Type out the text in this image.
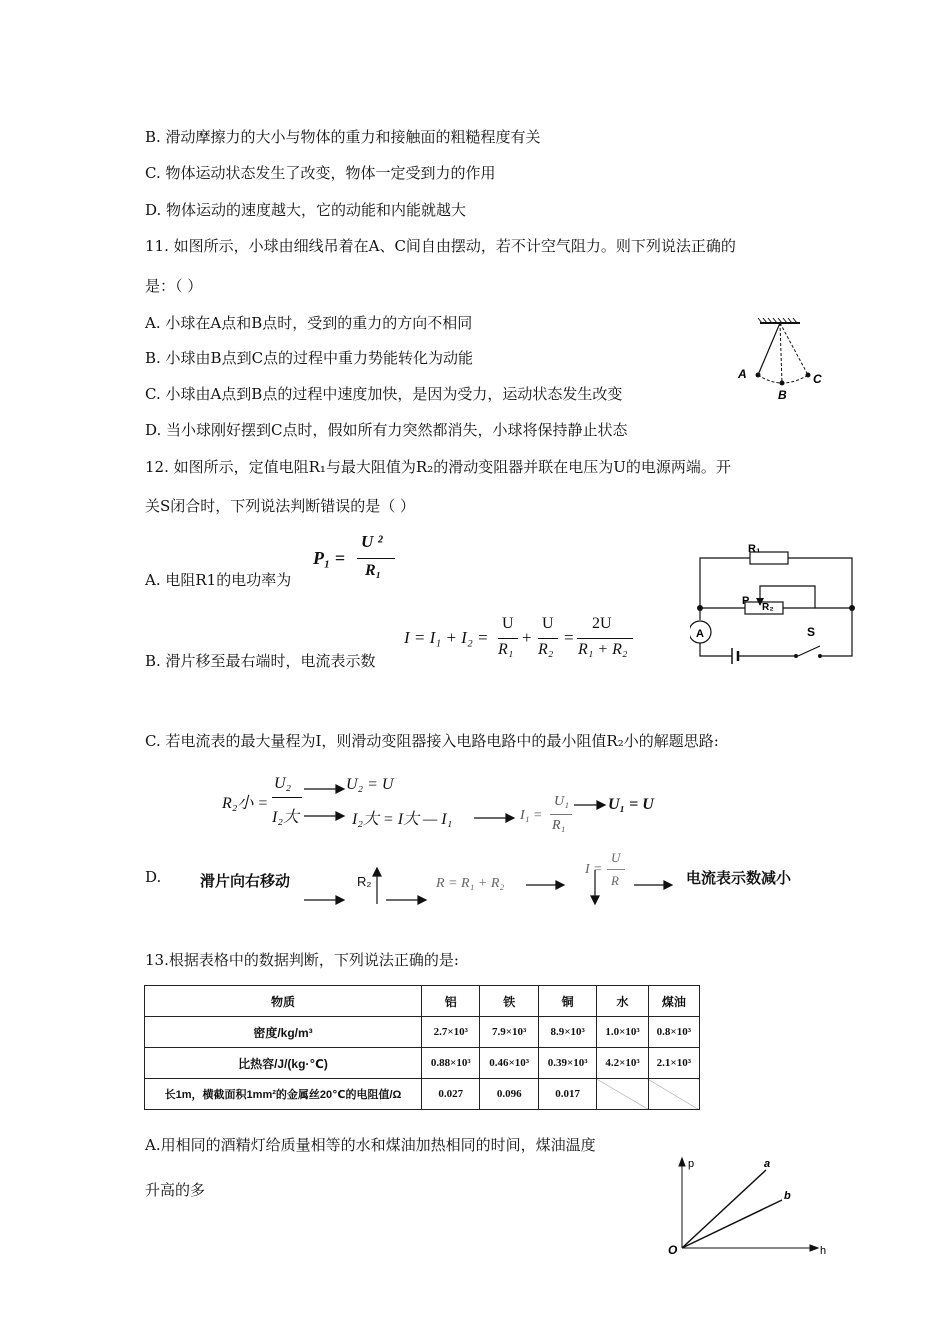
B. 滑动摩擦力的大小与物体的重力和接触面的粗糙程度有关
C. 物体运动状态发生了改变，物体一定受到力的作用
D. 物体运动的速度越大，它的动能和内能就越大
11. 如图所示，小球由细线吊着在A、C间自由摆动，若不计空气阻力。则下列说法正确的
是：（ ）
A. 小球在A点和B点时，受到的重力的方向不相同
B. 小球由B点到C点的过程中重力势能转化为动能
C. 小球由A点到B点的过程中速度加快，是因为受力，运动状态发生改变
D. 当小球刚好摆到C点时，假如所有力突然都消失，小球将保持静止状态
A
B
C
12. 如图所示，定值电阻R₁与最大阻值为R₂的滑动变阻器并联在电压为U的电源两端。开
关S闭合时，下列说法判断错误的是（ ）
A. 电阻R1的电功率为
P₁ =
U ²
R₁
B. 滑片移至最右端时，电流表示数
I = I₁ + I₂ =
U
R₁
+
U
R₂
=
2U
R₁ + R₂
R₁
P
R₂
A	S
C. 若电流表的最大量程为I，则滑动变阻器接入电路电路中的最小阻值R₂小的解题思路:
R₂小 =
U₂
I₂大
U₂ = U
I₂大 = I大 — I₁	I₁ =
U₁
R₁
U₁ = U
D.	滑片向右移动	R₂	R = R₁ + R₂
I =
U
R	电流表示数减小
13.根据表格中的数据判断，下列说法正确的是:
物质	铝	铁	铜	水	煤油
密度/kg/m³	2.7×10³	7.9×10³	8.9×10³	1.0×10³	0.8×10³
比热容/J/(kg·℃)	0.88×10³	0.46×10³	0.39×10³	4.2×10³	2.1×10³
长1m，横截面积1mm²的金属丝20℃的电阻值/Ω	0.027	0.096	0.017		
A.用相同的酒精灯给质量相等的水和煤油加热相同的时间，煤油温度
升高的多
p
h
O
a
b
